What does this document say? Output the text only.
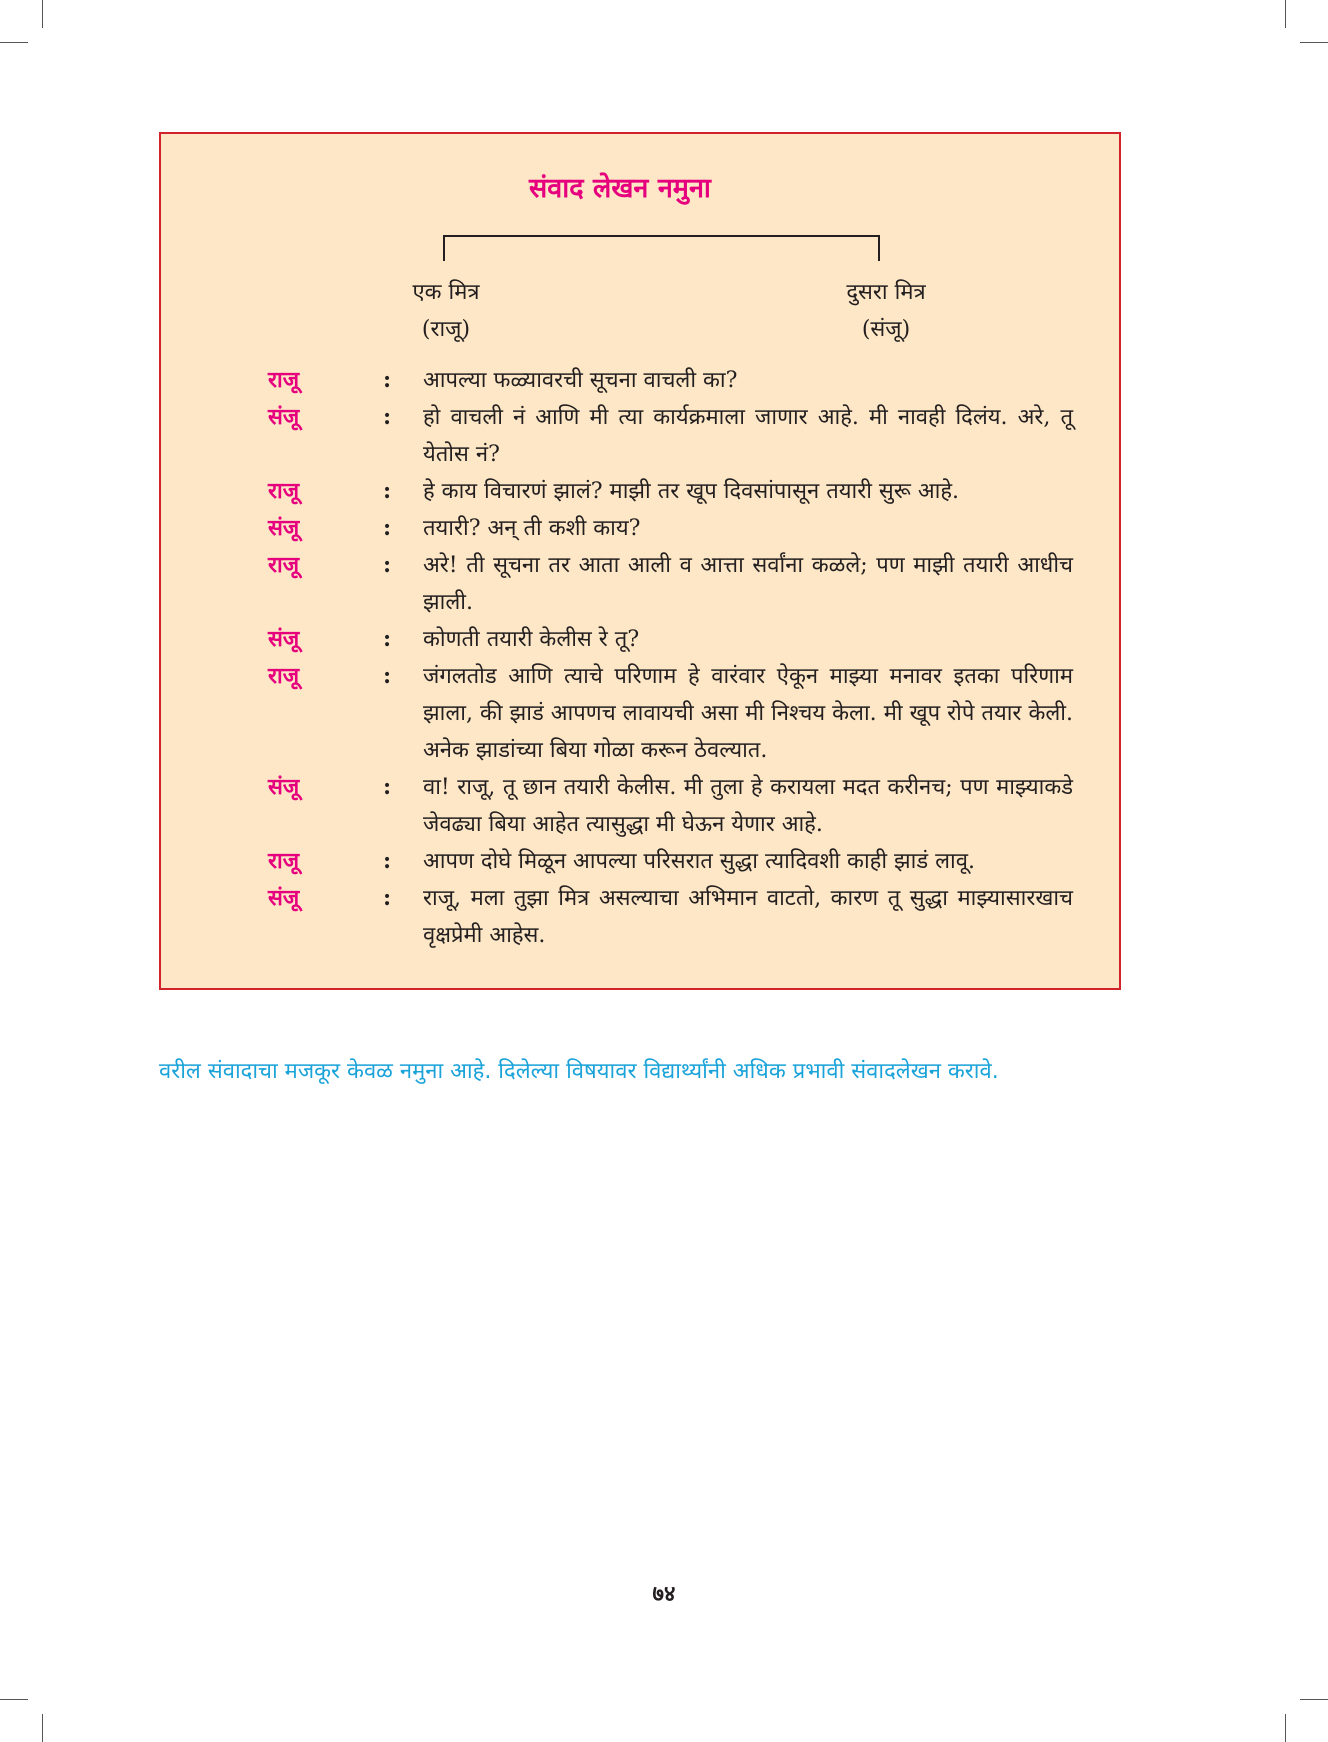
संवाद लेखन नमुना
एक मित्र
(राजू)
दुसरा मित्र
(संजू)
राजू	:	आपल्या फळ्यावरची सूचना वाचली का?
संजू	:	हो वाचली नं आणि मी त्या कार्यक्रमाला जाणार आहे. मी नावही दिलंय. अरे, तू येतोस नं?
राजू	:	हे काय विचारणं झालं? माझी तर खूप दिवसांपासून तयारी सुरू आहे.
संजू	:	तयारी? अन् ती कशी काय?
राजू	:	अरे! ती सूचना तर आता आली व आत्ता सर्वांना कळले; पण माझी तयारी आधीच झाली.
संजू	:	कोणती तयारी केलीस रे तू?
राजू	:	जंगलतोड आणि त्याचे परिणाम हे वारंवार ऐकून माझ्या मनावर इतका परिणाम झाला, की झाडं आपणच लावायची असा मी निश्चय केला. मी खूप रोपे तयार केली. अनेक झाडांच्या बिया गोळा करून ठेवल्यात.
संजू	:	वा! राजू, तू छान तयारी केलीस. मी तुला हे करायला मदत करीनच; पण माझ्याकडे जेवढ्या बिया आहेत त्यासुद्धा मी घेऊन येणार आहे.
राजू	:	आपण दोघे मिळून आपल्या परिसरात सुद्धा त्यादिवशी काही झाडं लावू.
संजू	:	राजू, मला तुझा मित्र असल्याचा अभिमान वाटतो, कारण तू सुद्धा माझ्यासारखाच वृक्षप्रेमी आहेस.
वरील संवादाचा मजकूर केवळ नमुना आहे. दिलेल्या विषयावर विद्यार्थ्यांनी अधिक प्रभावी संवादलेखन करावे.
७४
